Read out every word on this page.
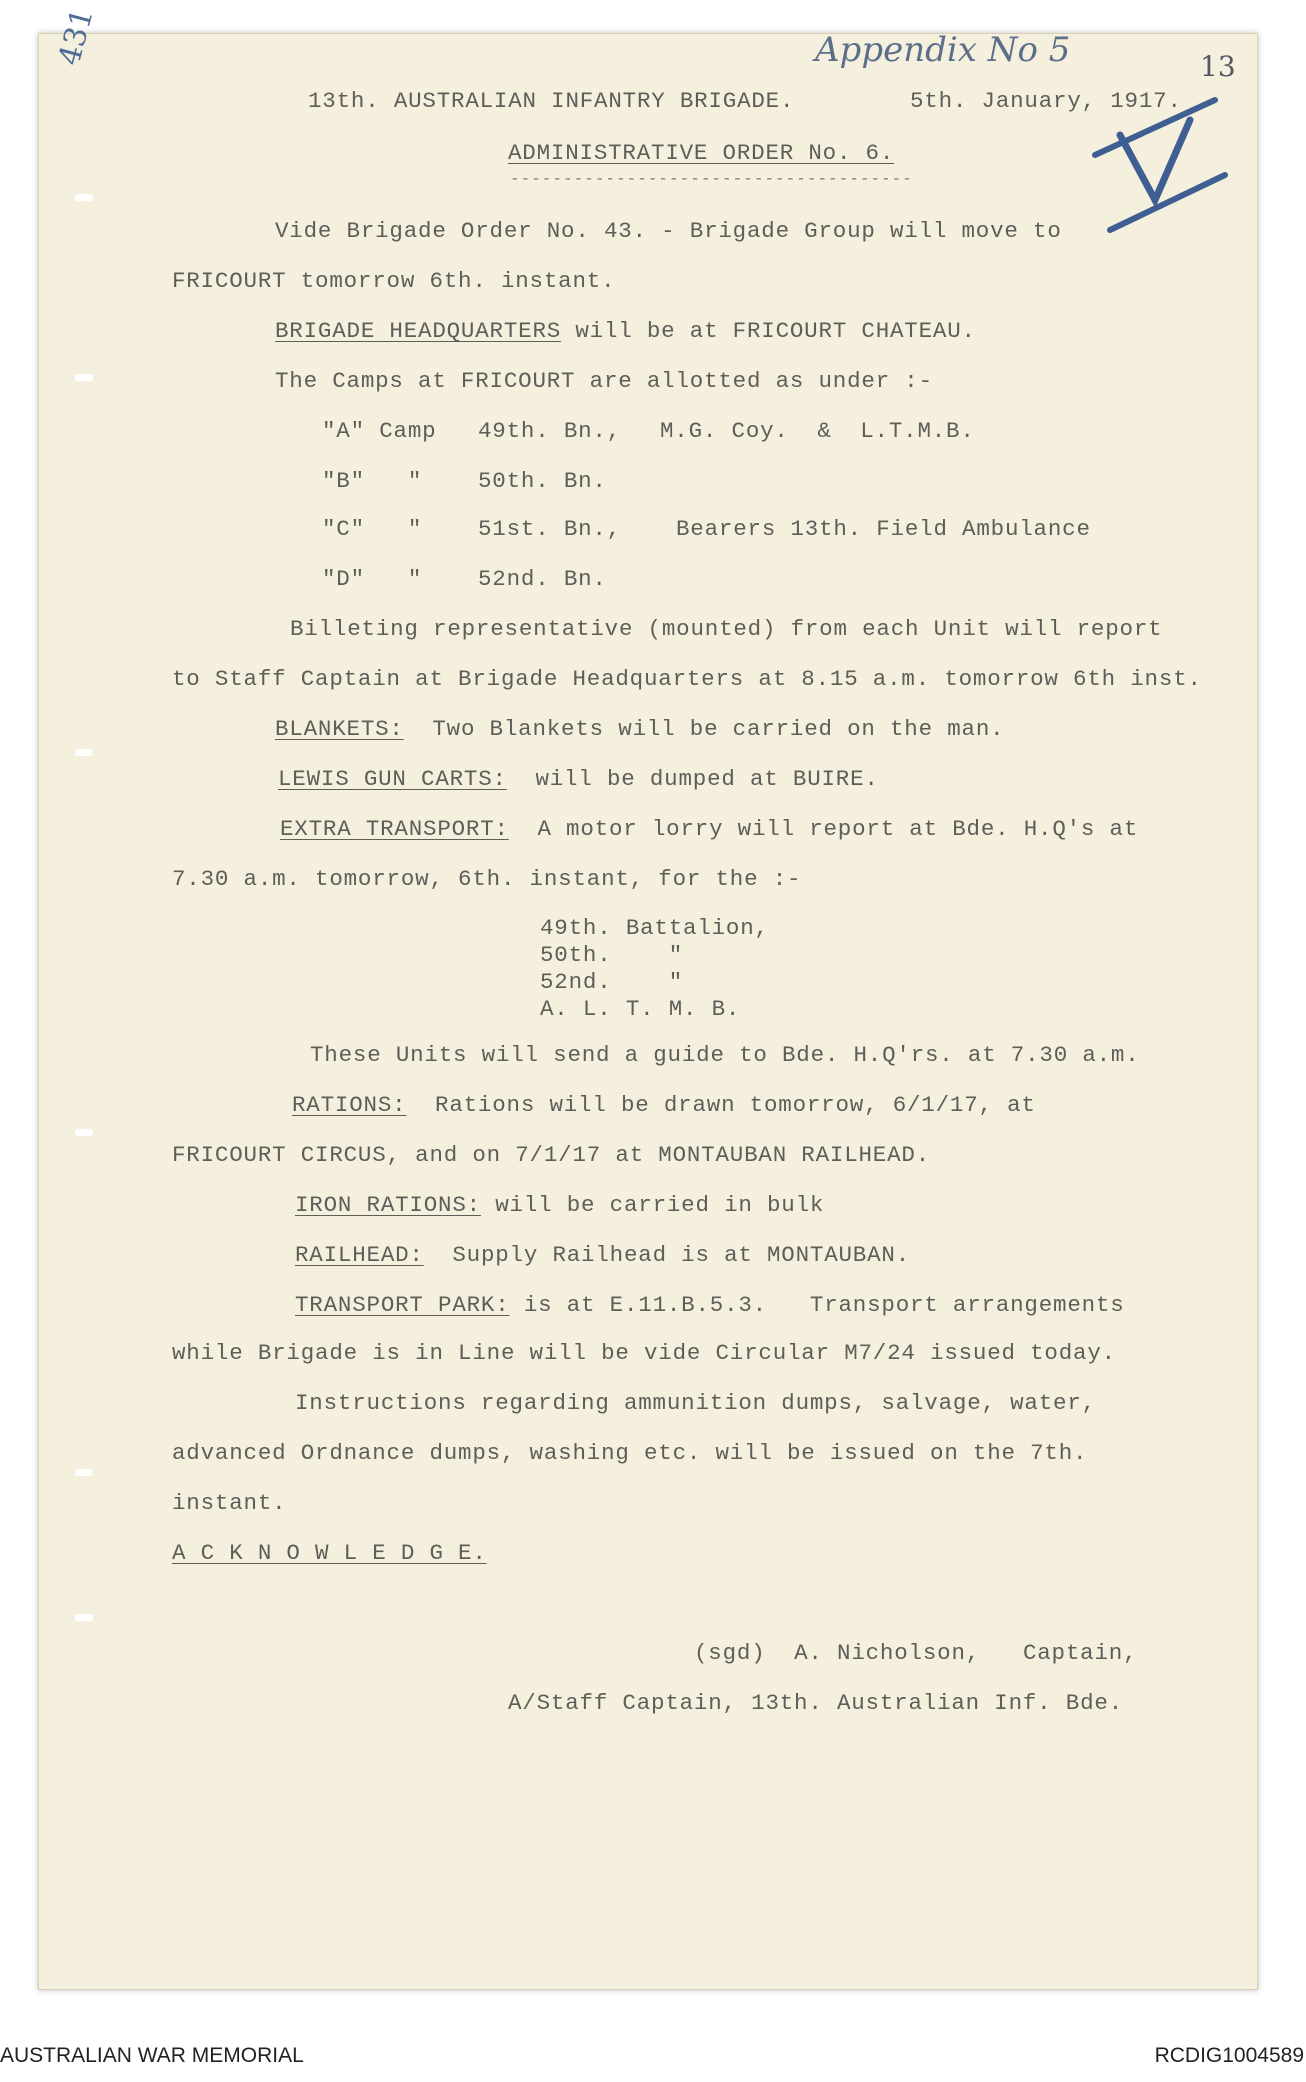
Appendix No 5
431	13
13th. AUSTRALIAN INFANTRY BRIGADE.	5th. January, 1917.
ADMINISTRATIVE ORDER No. 6.
--------------------------------------
Vide Brigade Order No. 43. - Brigade Group will move to
FRICOURT tomorrow 6th. instant.
BRIGADE HEADQUARTERS will be at FRICOURT CHATEAU.
The Camps at FRICOURT are allotted as under :-
"A" Camp 49th. Bn., M.G. Coy.  &  L.T.M.B.
"B"   " 50th. Bn.
"C"   " 51st. Bn., Bearers 13th. Field Ambulance
"D"   " 52nd. Bn.
Billeting representative (mounted) from each Unit will report
to Staff Captain at Brigade Headquarters at 8.15 a.m. tomorrow 6th inst.
BLANKETS:  Two Blankets will be carried on the man.
LEWIS GUN CARTS:  will be dumped at BUIRE.
EXTRA TRANSPORT:  A motor lorry will report at Bde. H.Q's at
7.30 a.m. tomorrow, 6th. instant, for the :-
49th. Battalion,
50th.    "
52nd.    "
A. L. T. M. B.
These Units will send a guide to Bde. H.Q'rs. at 7.30 a.m.
RATIONS:  Rations will be drawn tomorrow, 6/1/17, at
FRICOURT CIRCUS, and on 7/1/17 at MONTAUBAN RAILHEAD.
IRON RATIONS: will be carried in bulk
RAILHEAD:  Supply Railhead is at MONTAUBAN.
TRANSPORT PARK: is at E.11.B.5.3.   Transport arrangements
while Brigade is in Line will be vide Circular M7/24 issued today.
Instructions regarding ammunition dumps, salvage, water,
advanced Ordnance dumps, washing etc. will be issued on the 7th.
instant.
A C K N O W L E D G E.
(sgd)  A. Nicholson,   Captain,
A/Staff Captain, 13th. Australian Inf. Bde.
AUSTRALIAN WAR MEMORIAL	RCDIG1004589
